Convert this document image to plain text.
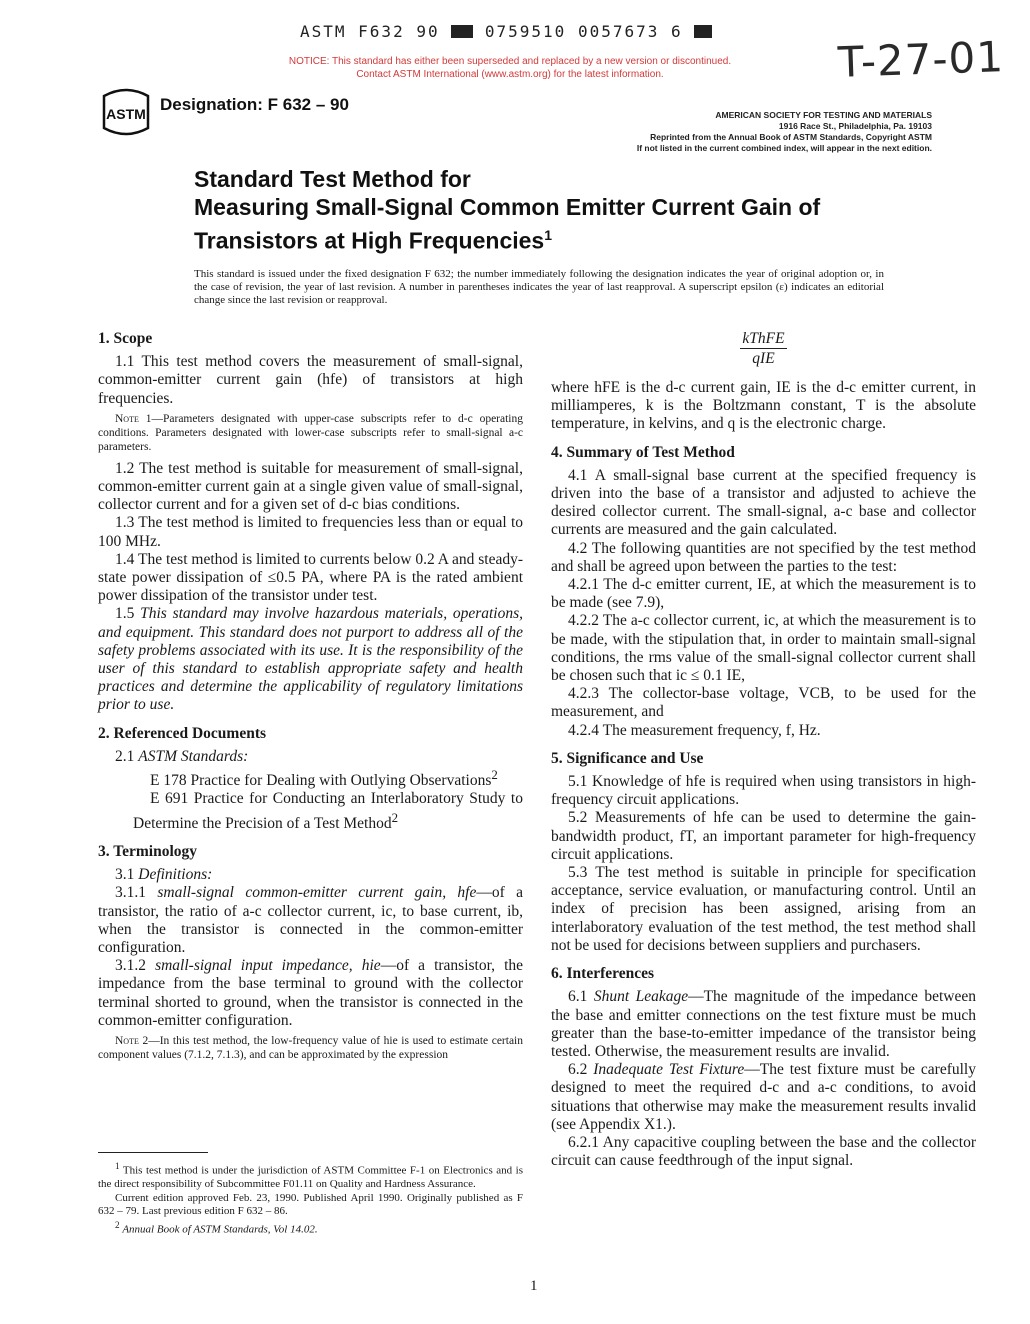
ASTM F632 90	0759510 0057673 6
NOTICE: This standard has either been superseded and replaced by a new version or discontinued.
Contact ASTM International (www.astm.org) for the latest information.	T-27-01
ASTM Designation: F 632 – 90
AMERICAN SOCIETY FOR TESTING AND MATERIALS
1916 Race St., Philadelphia, Pa. 19103
Reprinted from the Annual Book of ASTM Standards, Copyright ASTM
If not listed in the current combined index, will appear in the next edition.
Standard Test Method for
Measuring Small-Signal Common Emitter Current Gain of
Transistors at High Frequencies$^1$
This standard is issued under the fixed designation F 632; the number immediately following the designation indicates the year of original adoption or, in the case of revision, the year of last revision. A number in parentheses indicates the year of last reapproval. A superscript epsilon (ε) indicates an editorial change since the last revision or reapproval.
1. Scope

1.1 This test method covers the measurement of small-signal, common-emitter current gain (hfe) of transistors at high frequencies.

Note 1—Parameters designated with upper-case subscripts refer to d-c operating conditions. Parameters designated with lower-case subscripts refer to small-signal a-c parameters.

1.2 The test method is suitable for measurement of small-signal, common-emitter current gain at a single given value of small-signal, collector current and for a given set of d-c bias conditions.

1.3 The test method is limited to frequencies less than or equal to 100 MHz.

1.4 The test method is limited to currents below 0.2 A and steady-state power dissipation of ≤0.5 PA, where PA is the rated ambient power dissipation of the transistor under test.

1.5 This standard may involve hazardous materials, operations, and equipment. This standard does not purport to address all of the safety problems associated with its use. It is the responsibility of the user of this standard to establish appropriate safety and health practices and determine the applicability of regulatory limitations prior to use.

2. Referenced Documents

2.1 ASTM Standards:

E 178 Practice for Dealing with Outlying Observations$^2$

E 691 Practice for Conducting an Interlaboratory Study to Determine the Precision of a Test Method$^2$

3. Terminology

3.1 Definitions:

3.1.1 small-signal common-emitter current gain, hfe—of a transistor, the ratio of a-c collector current, ic, to base current, ib, when the transistor is connected in the common-emitter configuration.

3.1.2 small-signal input impedance, hie—of a transistor, the impedance from the base terminal to ground with the collector terminal shorted to ground, when the transistor is connected in the common-emitter configuration.

Note 2—In this test method, the low-frequency value of hie is used to estimate certain component values (7.1.2, 7.1.3), and can be approximated by the expression

kThFE
qIE

where hFE is the d-c current gain, IE is the d-c emitter current, in milliamperes, k is the Boltzmann constant, T is the absolute temperature, in kelvins, and q is the electronic charge.

4. Summary of Test Method

4.1 A small-signal base current at the specified frequency is driven into the base of a transistor and adjusted to achieve the desired collector current. The small-signal, a-c base and collector currents are measured and the gain calculated.

4.2 The following quantities are not specified by the test method and shall be agreed upon between the parties to the test:

4.2.1 The d-c emitter current, IE, at which the measurement is to be made (see 7.9),

4.2.2 The a-c collector current, ic, at which the measurement is to be made, with the stipulation that, in order to maintain small-signal conditions, the rms value of the small-signal collector current shall be chosen such that ic ≤ 0.1 IE,

4.2.3 The collector-base voltage, VCB, to be used for the measurement, and

4.2.4 The measurement frequency, f, Hz.

5. Significance and Use

5.1 Knowledge of hfe is required when using transistors in high-frequency circuit applications.

5.2 Measurements of hfe can be used to determine the gain-bandwidth product, fT, an important parameter for high-frequency circuit applications.

5.3 The test method is suitable in principle for specification acceptance, service evaluation, or manufacturing control. Until an index of precision has been assigned, arising from an interlaboratory evaluation of the test method, the test method shall not be used for decisions between suppliers and purchasers.

6. Interferences

6.1 Shunt Leakage—The magnitude of the impedance between the base and emitter connections on the test fixture must be much greater than the base-to-emitter impedance of the transistor being tested. Otherwise, the measurement results are invalid.

6.2 Inadequate Test Fixture—The test fixture must be carefully designed to meet the required d-c and a-c conditions, to avoid situations that otherwise may make the measurement results invalid (see Appendix X1.).

6.2.1 Any capacitive coupling between the base and the collector circuit can cause feedthrough of the input signal.

$^1$ This test method is under the jurisdiction of ASTM Committee F-1 on Electronics and is the direct responsibility of Subcommittee F01.11 on Quality and Hardness Assurance.

Current edition approved Feb. 23, 1990. Published April 1990. Originally published as F 632 – 79. Last previous edition F 632 – 86.

$^2$ Annual Book of ASTM Standards, Vol 14.02.

1
